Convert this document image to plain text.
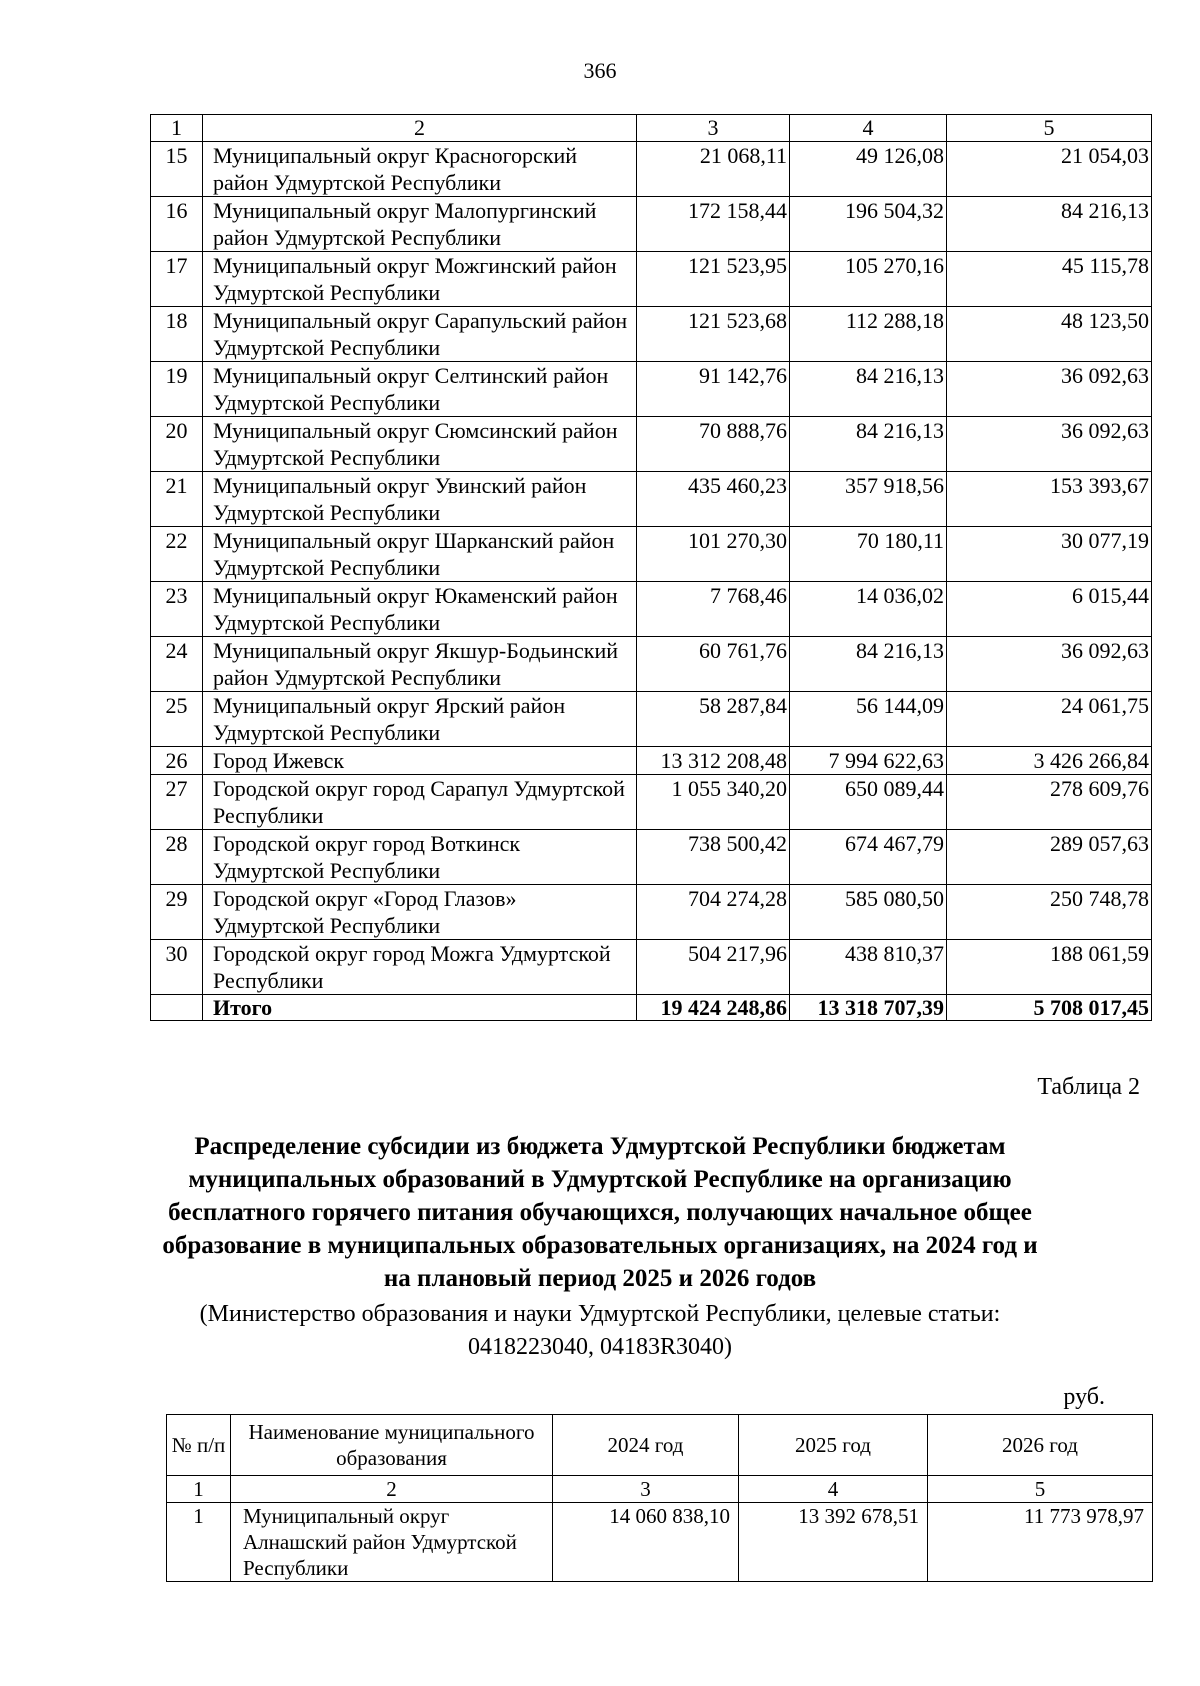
366
1	2	3	4	5
15	Муниципальный округ Красногорский район Удмуртской Республики	21 068,11	49 126,08	21 054,03
16	Муниципальный округ Малопургинский район Удмуртской Республики	172 158,44	196 504,32	84 216,13
17	Муниципальный округ Можгинский район Удмуртской Республики	121 523,95	105 270,16	45 115,78
18	Муниципальный округ Сарапульский район Удмуртской Республики	121 523,68	112 288,18	48 123,50
19	Муниципальный округ Селтинский район Удмуртской Республики	91 142,76	84 216,13	36 092,63
20	Муниципальный округ Сюмсинский район Удмуртской Республики	70 888,76	84 216,13	36 092,63
21	Муниципальный округ Увинский район Удмуртской Республики	435 460,23	357 918,56	153 393,67
22	Муниципальный округ Шарканский район Удмуртской Республики	101 270,30	70 180,11	30 077,19
23	Муниципальный округ Юкаменский район Удмуртской Республики	7 768,46	14 036,02	6 015,44
24	Муниципальный округ Якшур-Бодьинский район Удмуртской Республики	60 761,76	84 216,13	36 092,63
25	Муниципальный округ Ярский район Удмуртской Республики	58 287,84	56 144,09	24 061,75
26	Город Ижевск	13 312 208,48	7 994 622,63	3 426 266,84
27	Городской округ город Сарапул Удмуртской Республики	1 055 340,20	650 089,44	278 609,76
28	Городской округ город Воткинск Удмуртской Республики	738 500,42	674 467,79	289 057,63
29	Городской округ «Город Глазов» Удмуртской Республики	704 274,28	585 080,50	250 748,78
30	Городской округ город Можга Удмуртской Республики	504 217,96	438 810,37	188 061,59
	Итого	19 424 248,86	13 318 707,39	5 708 017,45
Таблица 2
Распределение субсидии из бюджета Удмуртской Республики бюджетам муниципальных образований в Удмуртской Республике на организацию бесплатного горячего питания обучающихся, получающих начальное общее образование в муниципальных образовательных организациях, на 2024 год и на плановый период 2025 и 2026 годов
(Министерство образования и науки Удмуртской Республики, целевые статьи: 0418223040, 04183R3040)
руб.
№ п/п	Наименование муниципального образования	2024 год	2025 год	2026 год
1	2	3	4	5
1	Муниципальный округ Алнашский район Удмуртской Республики	14 060 838,10	13 392 678,51	11 773 978,97
